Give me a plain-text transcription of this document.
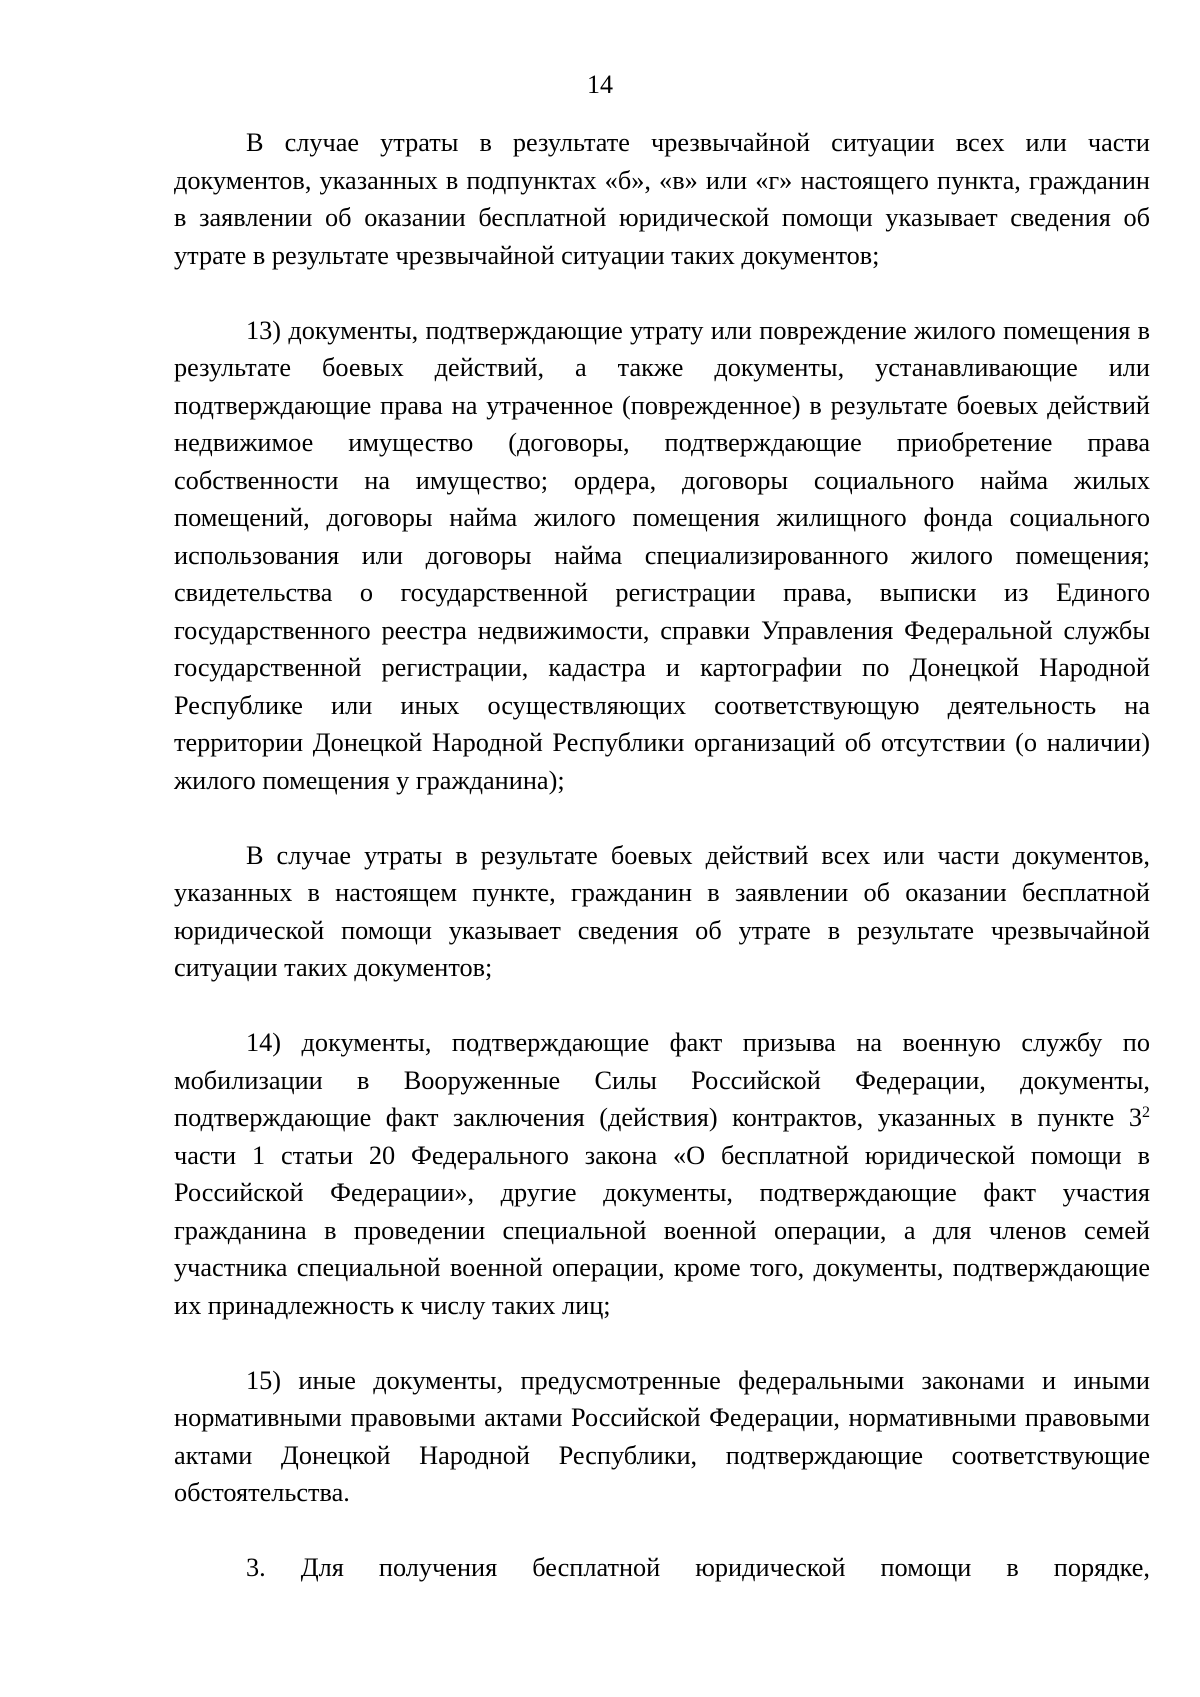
14

В случае утраты в результате чрезвычайной ситуации всех или части документов, указанных в подпунктах «б», «в» или «г» настоящего пункта, гражданин в заявлении об оказании бесплатной юридической помощи указывает сведения об утрате в результате чрезвычайной ситуации таких документов;

13) документы, подтверждающие утрату или повреждение жилого помещения в результате боевых действий, а также документы, устанавливающие или подтверждающие права на утраченное (поврежденное) в результате боевых действий недвижимое имущество (договоры, подтверждающие приобретение права собственности на имущество; ордера, договоры социального найма жилых помещений, договоры найма жилого помещения жилищного фонда социального использования или договоры найма специализированного жилого помещения; свидетельства о государственной регистрации права, выписки из Единого государственного реестра недвижимости, справки Управления Федеральной службы государственной регистрации, кадастра и картографии по Донецкой Народной Республике или иных осуществляющих соответствующую деятельность на территории Донецкой Народной Республики организаций об отсутствии (о наличии) жилого помещения у гражданина);

В случае утраты в результате боевых действий всех или части документов, указанных в настоящем пункте, гражданин в заявлении об оказании бесплатной юридической помощи указывает сведения об утрате в результате чрезвычайной ситуации таких документов;

14) документы, подтверждающие факт призыва на военную службу по мобилизации в Вооруженные Силы Российской Федерации, документы, подтверждающие факт заключения (действия) контрактов, указанных в пункте $3^2$ части 1 статьи 20 Федерального закона «О бесплатной юридической помощи в Российской Федерации», другие документы, подтверждающие факт участия гражданина в проведении специальной военной операции, а для членов семей участника специальной военной операции, кроме того, документы, подтверждающие их принадлежность к числу таких лиц;

15) иные документы, предусмотренные федеральными законами и иными нормативными правовыми актами Российской Федерации, нормативными правовыми актами Донецкой Народной Республики, подтверждающие соответствующие обстоятельства.

3. Для получения бесплатной юридической помощи в порядке,
